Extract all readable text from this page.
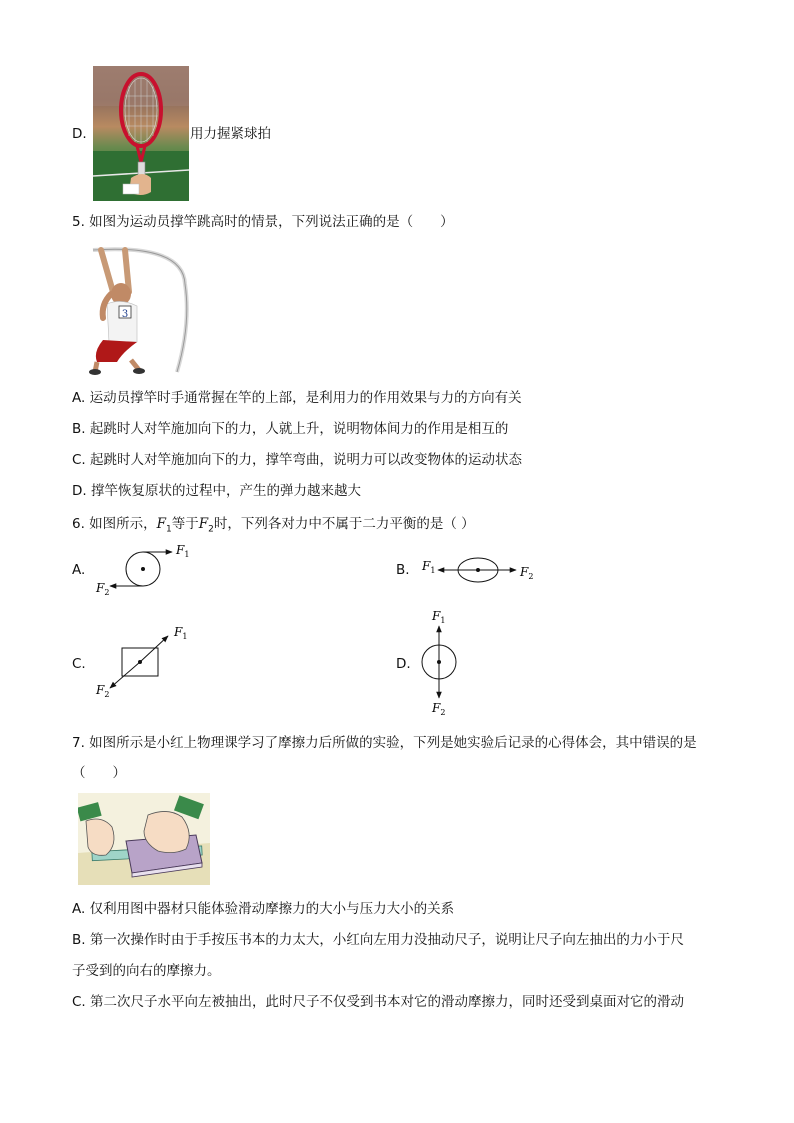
D.	用力握紧球拍
5. 如图为运动员撑竿跳高时的情景，下列说法正确的是（　　）
3
A. 运动员撑竿时手通常握在竿的上部，是利用力的作用效果与力的方向有关
B. 起跳时人对竿施加向下的力，人就上升，说明物体间力的作用是相互的
C. 起跳时人对竿施加向下的力，撑竿弯曲，说明力可以改变物体的运动状态
D. 撑竿恢复原状的过程中，产生的弹力越来越大
6. 如图所示，$F_1$等于$F_2$时，下列各对力中不属于二力平衡的是（ ）
A.
$F_1$
$F_2$
B. $F_1$	$F_2$
C.
$F_1$
$F_2$
D.
$F_1$
$F_2$
7. 如图所示是小红上物理课学习了摩擦力后所做的实验，下列是她实验后记录的心得体会，其中错误的是
（　　）
A. 仅利用图中器材只能体验滑动摩擦力的大小与压力大小的关系
B. 第一次操作时由于手按压书本的力太大，小红向左用力没抽动尺子，说明让尺子向左抽出的力小于尺
子受到的向右的摩擦力。
C. 第二次尺子水平向左被抽出，此时尺子不仅受到书本对它的滑动摩擦力，同时还受到桌面对它的滑动
